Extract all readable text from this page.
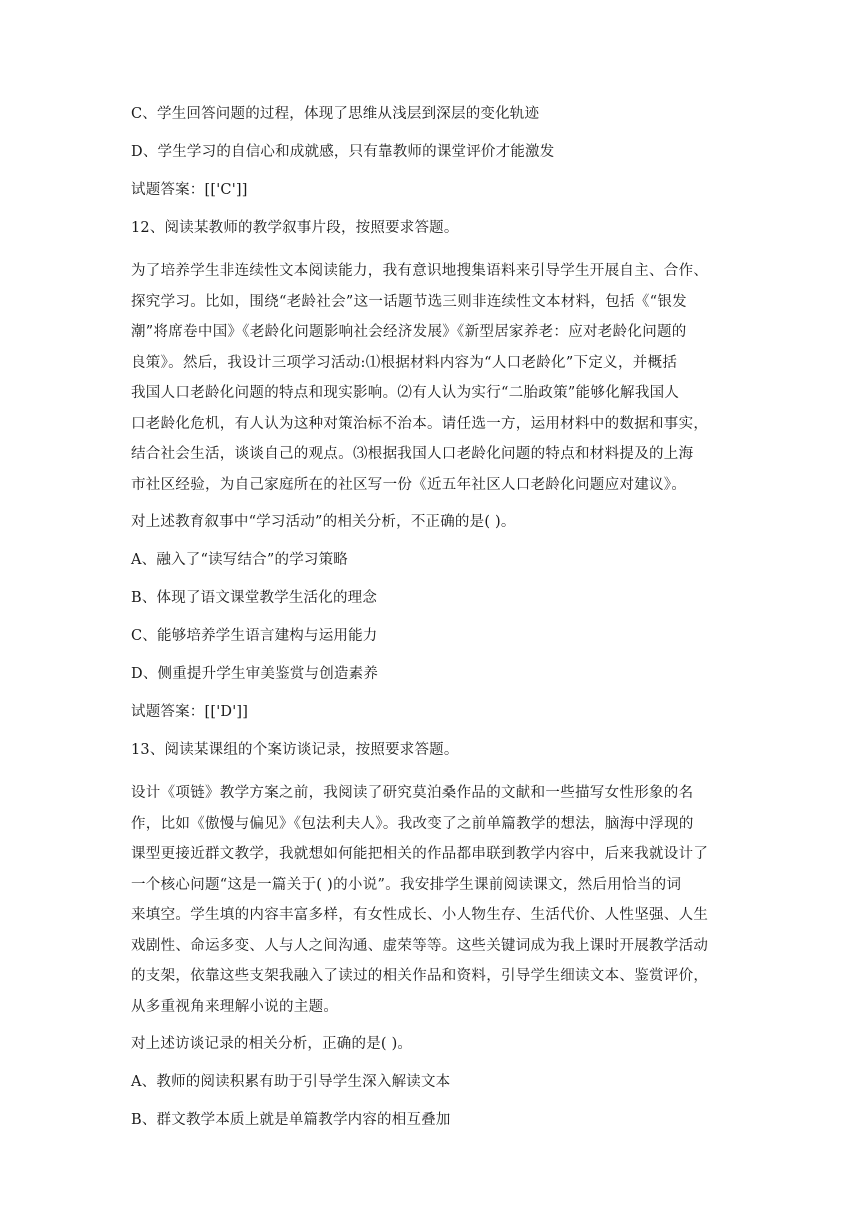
C、学生回答问题的过程，体现了思维从浅层到深层的变化轨迹
D、学生学习的自信心和成就感，只有靠教师的课堂评价才能激发
试题答案：[['C']]
12、阅读某教师的教学叙事片段，按照要求答题。
为了培养学生非连续性文本阅读能力，我有意识地搜集语料来引导学生开展自主、合作、
探究学习。比如，围绕“老龄社会”这一话题节选三则非连续性文本材料，包括《“银发
潮”将席卷中国》《老龄化问题影响社会经济发展》《新型居家养老：应对老龄化问题的
良策》。然后，我设计三项学习活动:⑴根据材料内容为“人口老龄化”下定义，并概括
我国人口老龄化问题的特点和现实影响。⑵有人认为实行“二胎政策”能够化解我国人
口老龄化危机，有人认为这种对策治标不治本。请任选一方，运用材料中的数据和事实，
结合社会生活，谈谈自己的观点。⑶根据我国人口老龄化问题的特点和材料提及的上海
市社区经验，为自己家庭所在的社区写一份《近五年社区人口老龄化问题应对建议》。
对上述教育叙事中“学习活动”的相关分析，不正确的是( )。
A、融入了“读写结合”的学习策略
B、体现了语文课堂教学生活化的理念
C、能够培养学生语言建构与运用能力
D、侧重提升学生审美鉴赏与创造素养
试题答案：[['D']]
13、阅读某课组的个案访谈记录，按照要求答题。
设计《项链》教学方案之前，我阅读了研究莫泊桑作品的文献和一些描写女性形象的名
作，比如《傲慢与偏见》《包法利夫人》。我改变了之前单篇教学的想法，脑海中浮现的
课型更接近群文教学，我就想如何能把相关的作品都串联到教学内容中，后来我就设计了
一个核心问题“这是一篇关于( )的小说”。我安排学生课前阅读课文，然后用恰当的词
来填空。学生填的内容丰富多样，有女性成长、小人物生存、生活代价、人性坚强、人生
戏剧性、命运多变、人与人之间沟通、虚荣等等。这些关键词成为我上课时开展教学活动
的支架，依靠这些支架我融入了读过的相关作品和资料，引导学生细读文本、鉴赏评价，
从多重视角来理解小说的主题。
对上述访谈记录的相关分析，正确的是( )。
A、教师的阅读积累有助于引导学生深入解读文本
B、群文教学本质上就是单篇教学内容的相互叠加
